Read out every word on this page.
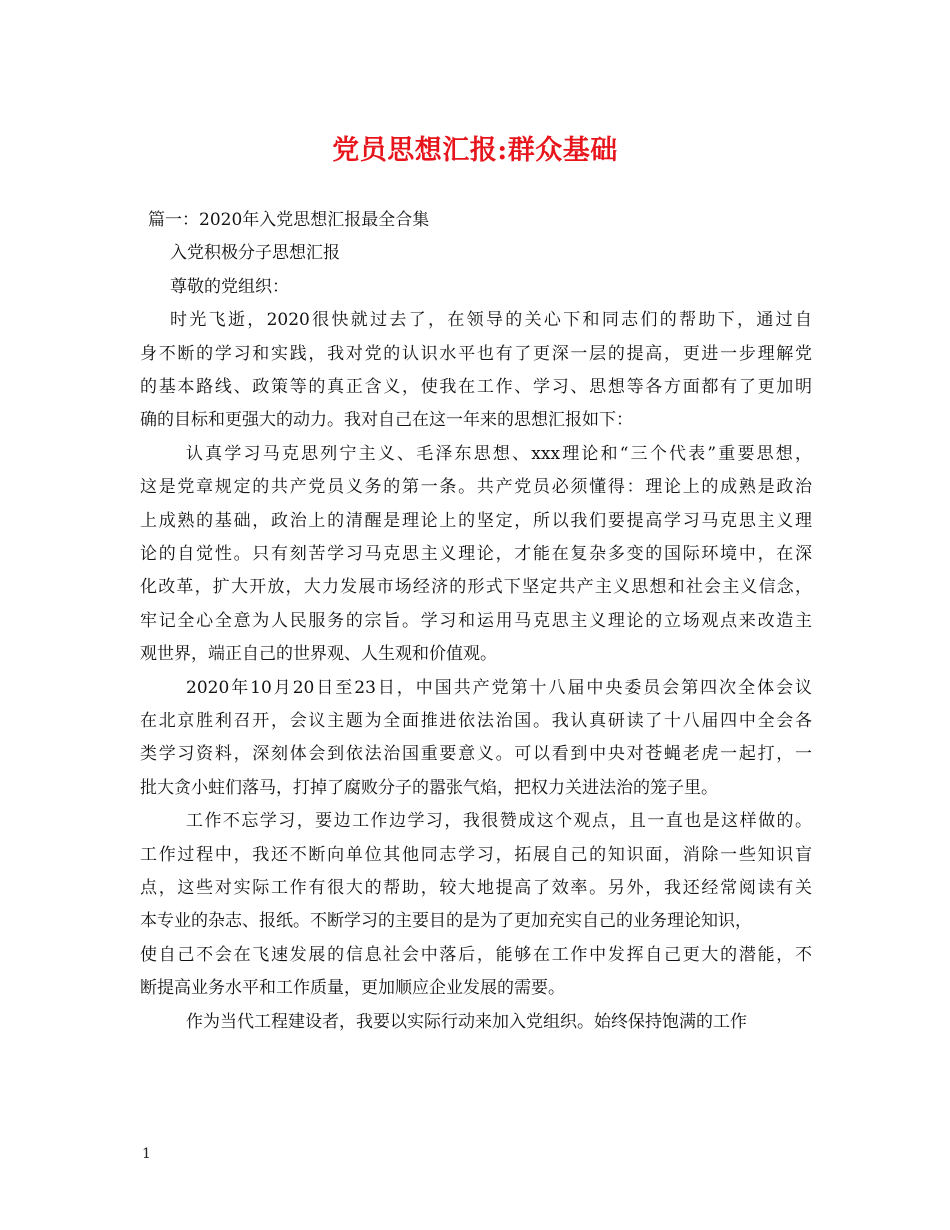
党员思想汇报:群众基础
篇一：2020年入党思想汇报最全合集
入党积极分子思想汇报
尊敬的党组织：
时光飞逝，2020很快就过去了，在领导的关心下和同志们的帮助下，通过自
身不断的学习和实践，我对党的认识水平也有了更深一层的提高，更进一步理解党
的基本路线、政策等的真正含义，使我在工作、学习、思想等各方面都有了更加明
确的目标和更强大的动力。我对自己在这一年来的思想汇报如下：
认真学习马克思列宁主义、毛泽东思想、xxx理论和“三个代表”重要思想，
这是党章规定的共产党员义务的第一条。共产党员必须懂得：理论上的成熟是政治
上成熟的基础，政治上的清醒是理论上的坚定，所以我们要提高学习马克思主义理
论的自觉性。只有刻苦学习马克思主义理论，才能在复杂多变的国际环境中，在深
化改革，扩大开放，大力发展市场经济的形式下坚定共产主义思想和社会主义信念，
牢记全心全意为人民服务的宗旨。学习和运用马克思主义理论的立场观点来改造主
观世界，端正自己的世界观、人生观和价值观。
2020年10月20日至23日，中国共产党第十八届中央委员会第四次全体会议
在北京胜利召开，会议主题为全面推进依法治国。我认真研读了十八届四中全会各
类学习资料，深刻体会到依法治国重要意义。可以看到中央对苍蝇老虎一起打，一
批大贪小蛀们落马，打掉了腐败分子的嚣张气焰，把权力关进法治的笼子里。
工作不忘学习，要边工作边学习，我很赞成这个观点，且一直也是这样做的。
工作过程中，我还不断向单位其他同志学习，拓展自己的知识面，消除一些知识盲
点，这些对实际工作有很大的帮助，较大地提高了效率。另外，我还经常阅读有关
本专业的杂志、报纸。不断学习的主要目的是为了更加充实自己的业务理论知识，
使自己不会在飞速发展的信息社会中落后，能够在工作中发挥自己更大的潜能，不
断提高业务水平和工作质量，更加顺应企业发展的需要。
作为当代工程建设者，我要以实际行动来加入党组织。始终保持饱满的工作
1
